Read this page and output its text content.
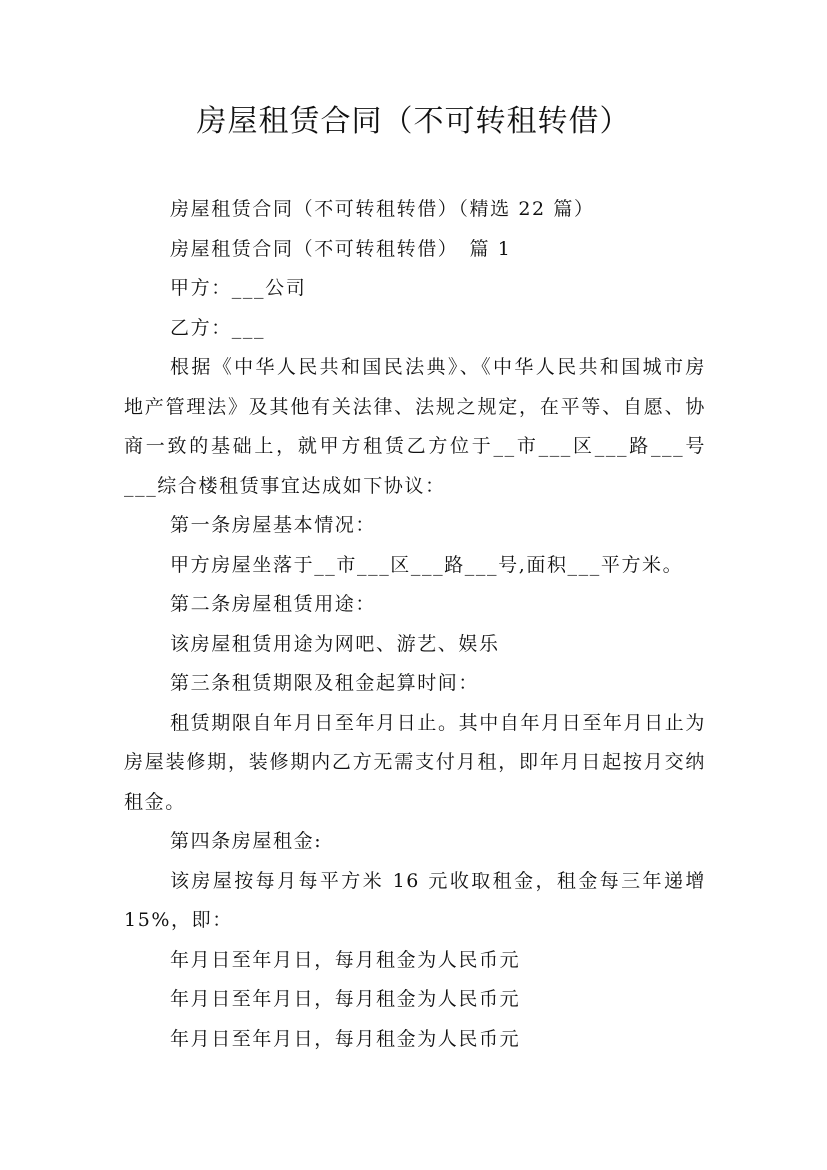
房屋租赁合同（不可转租转借）

房屋租赁合同（不可转租转借）（精选 22 篇）

房屋租赁合同（不可转租转借）　篇 1

甲方：___公司

乙方：___

根据《中华人民共和国民法典》、《中华人民共和国城市房地产管理法》及其他有关法律、法规之规定，在平等、自愿、协商一致的基础上，就甲方租赁乙方位于__市___区___路___号___综合楼租赁事宜达成如下协议：

第一条房屋基本情况：

甲方房屋坐落于__市___区___路___号,面积___平方米。

第二条房屋租赁用途：

该房屋租赁用途为网吧、游艺、娱乐

第三条租赁期限及租金起算时间：

租赁期限自年月日至年月日止。其中自年月日至年月日止为房屋装修期，装修期内乙方无需支付月租，即年月日起按月交纳租金。

第四条房屋租金:

该房屋按每月每平方米 16 元收取租金，租金每三年递增 15%，即：

年月日至年月日，每月租金为人民币元

年月日至年月日，每月租金为人民币元

年月日至年月日，每月租金为人民币元
